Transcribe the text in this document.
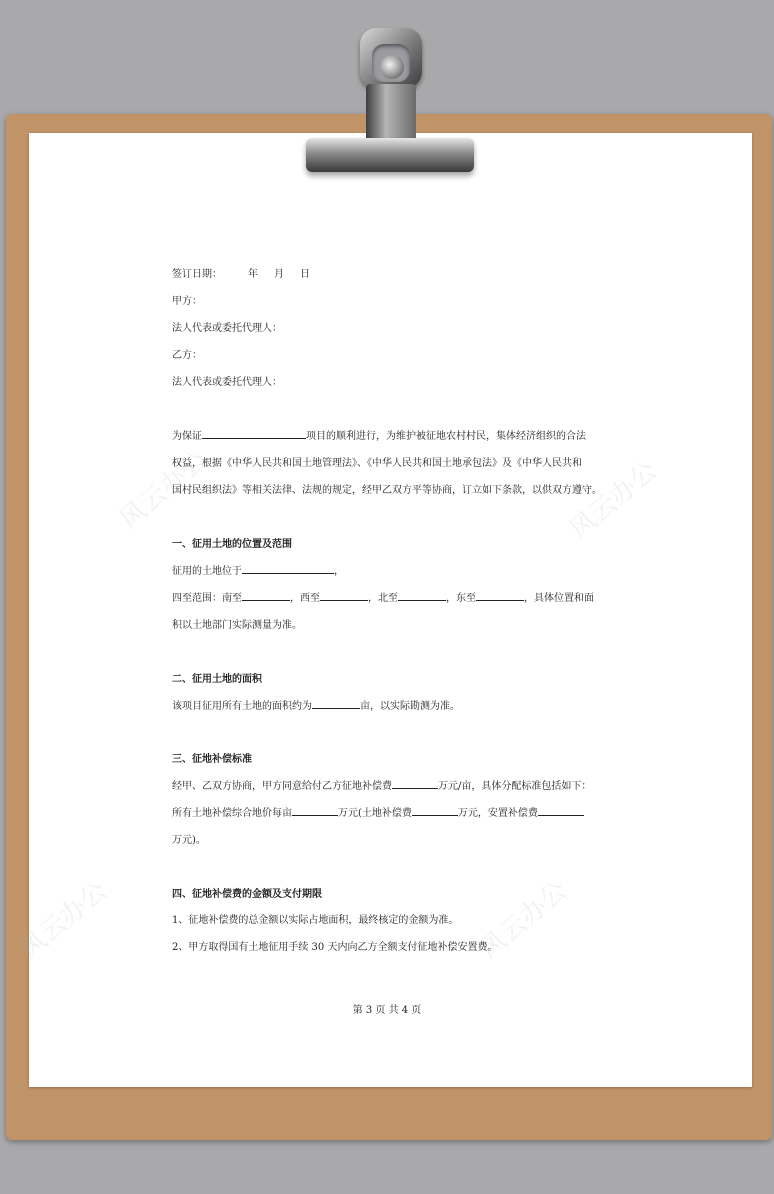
风云办公	风云办公
风云办公	风云办公
签订日期：	年 月 日
甲方：
法人代表或委托代理人：
乙方：
法人代表或委托代理人：
为保证	项目的顺利进行，为维护被征地农村村民，集体经济组织的合法
权益，根据《中华人民共和国土地管理法》、《中华人民共和国土地承包法》及《中华人民共和
国村民组织法》等相关法律、法规的规定，经甲乙双方平等协商，订立如下条款，以供双方遵守。
一、征用土地的位置及范围
征用的土地位于	，
四至范围：南至	，西至	，北至	，东至	，具体位置和面
积以土地部门实际测量为准。
二、征用土地的面积
该项目征用所有土地的面积约为	亩，以实际勘测为准。
三、征地补偿标准
经甲、乙双方协商，甲方同意给付乙方征地补偿费	万元/亩，具体分配标准包括如下：
所有土地补偿综合地价每亩	万元(土地补偿费	万元，安置补偿费
万元)。
四、征地补偿费的金额及支付期限
1、征地补偿费的总金额以实际占地面积，最终核定的金额为准。
2、甲方取得国有土地征用手续 30 天内向乙方全额支付征地补偿安置费。
第 3 页 共 4 页
